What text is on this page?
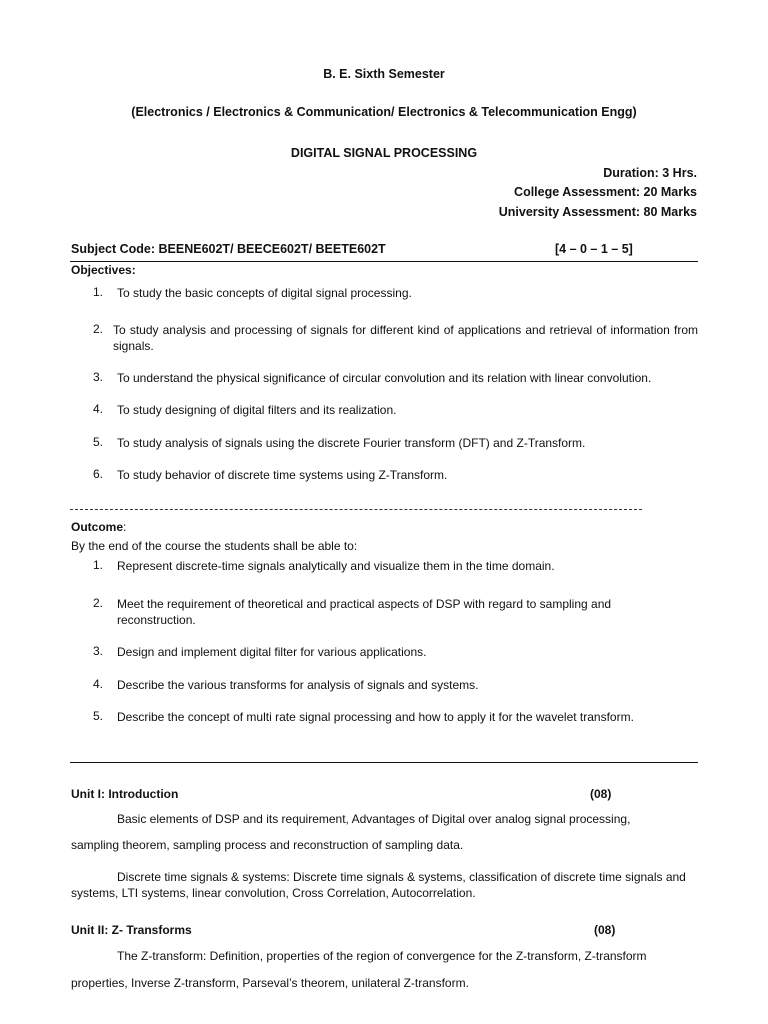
B. E. Sixth Semester
(Electronics / Electronics & Communication/ Electronics & Telecommunication Engg)
DIGITAL SIGNAL PROCESSING
Duration: 3 Hrs.
College Assessment: 20 Marks
University Assessment: 80 Marks
Subject Code: BEENE602T/ BEECE602T/ BEETE602T	[4 – 0 – 1 – 5]
Objectives:
1.	To study the basic concepts of digital signal processing.
2. To study analysis and processing of signals for different kind of applications and retrieval of information from signals.
3.	To understand the physical significance of circular convolution and its relation with linear convolution.
4.	To study designing of digital filters and its realization.
5.	To study analysis of signals using the discrete Fourier transform (DFT) and Z-Transform.
6.	To study behavior of discrete time systems using Z-Transform.
Outcome:
By the end of the course the students shall be able to:
1.	Represent discrete-time signals analytically and visualize them in the time domain.
2.	Meet the requirement of theoretical and practical aspects of DSP with regard to sampling and reconstruction.
3.	Design and implement digital filter for various applications.
4.	Describe the various transforms for analysis of signals and systems.
5.	Describe the concept of multi rate signal processing and how to apply it for the wavelet transform.
Unit I: Introduction	(08)
Basic elements of DSP and its requirement, Advantages of Digital over analog signal processing,
sampling theorem, sampling process and reconstruction of sampling data.
Discrete time signals & systems: Discrete time signals & systems, classification of discrete time signals and systems, LTI systems, linear convolution, Cross Correlation, Autocorrelation.
Unit II: Z- Transforms	(08)
The Z-transform: Definition, properties of the region of convergence for the Z-transform, Z-transform
properties, Inverse Z-transform, Parseval’s theorem, unilateral Z-transform.
